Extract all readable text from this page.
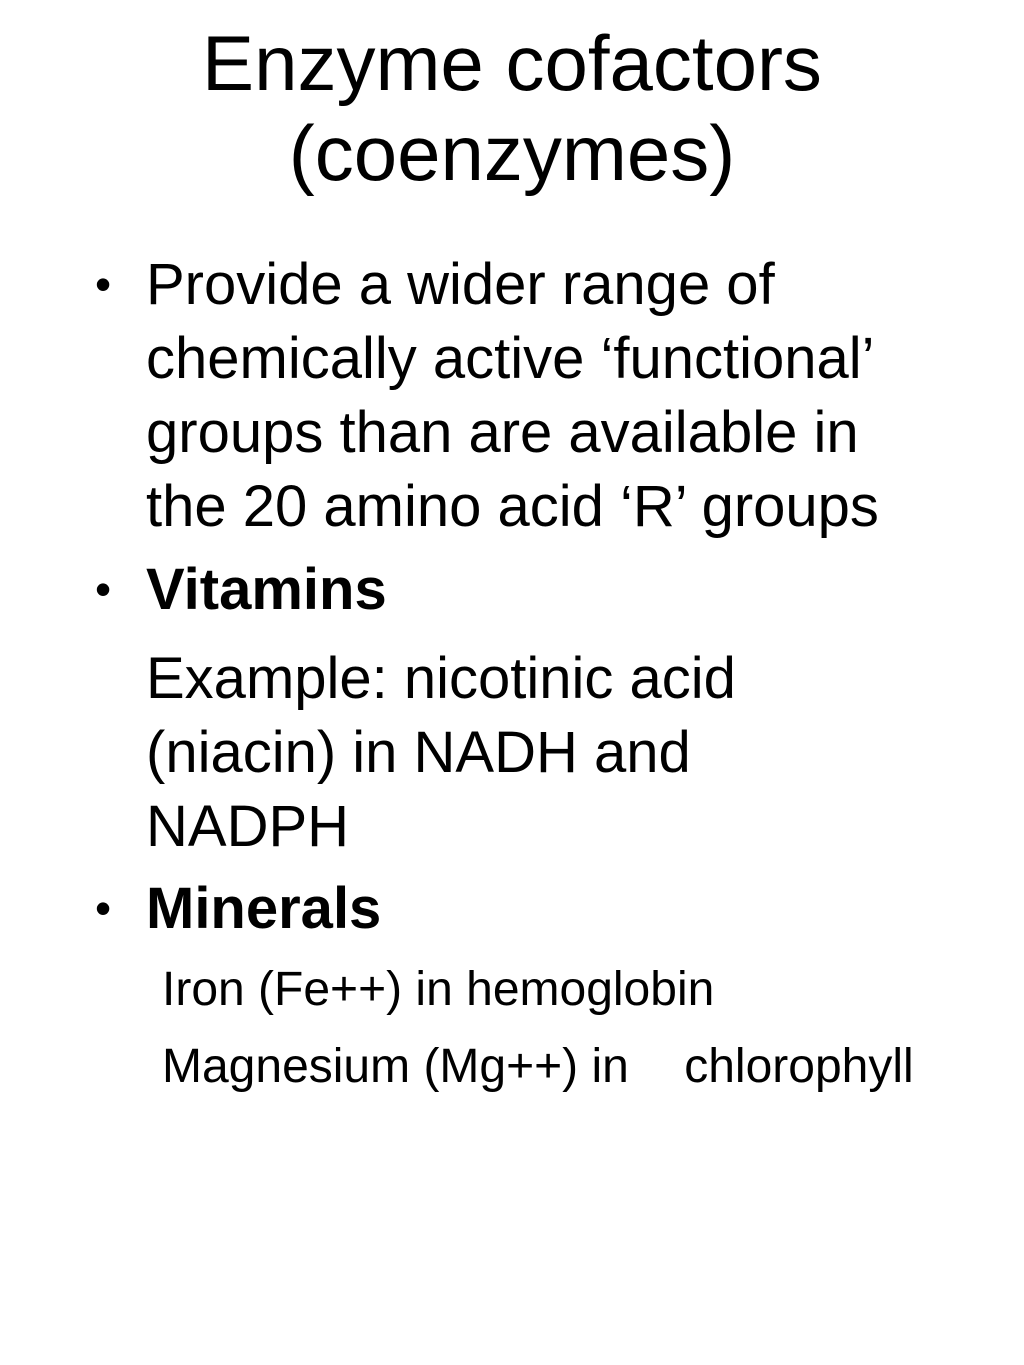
Enzyme cofactors
(coenzymes)
• Provide a wider range of
chemically active ‘functional’
groups than are available in
the 20 amino acid ‘R’ groups
• Vitamins
Example: nicotinic acid
(niacin) in NADH and
NADPH
• Minerals
Iron (Fe++) in hemoglobin
Magnesium (Mg++) in chlorophyll
